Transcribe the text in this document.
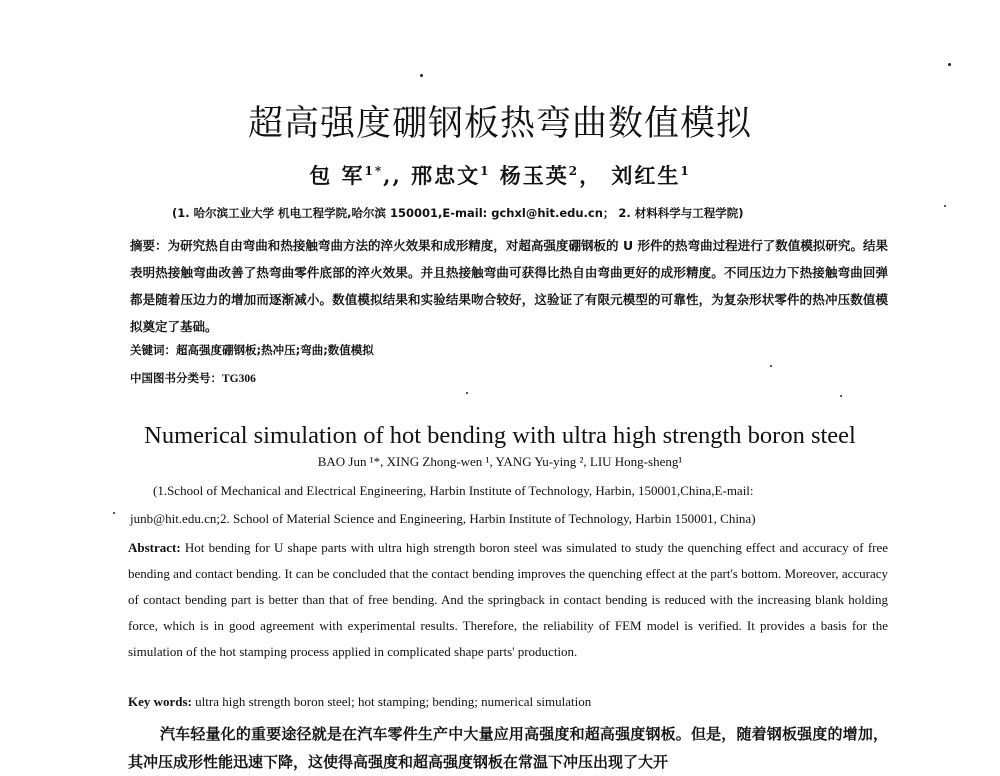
超高强度硼钢板热弯曲数值模拟
包 军$^{1*}$,, 邢忠文$^1$ 杨玉英$^2$， 刘红生$^1$
(1. 哈尔滨工业大学 机电工程学院,哈尔滨 150001,E-mail: gchxl@hit.edu.cn； 2. 材料科学与工程学院)
摘要：为研究热自由弯曲和热接触弯曲方法的淬火效果和成形精度，对超高强度硼钢板的 U 形件的热弯曲过程进行了数值模拟研究。结果表明热接触弯曲改善了热弯曲零件底部的淬火效果。并且热接触弯曲可获得比热自由弯曲更好的成形精度。不同压边力下热接触弯曲回弹都是随着压边力的增加而逐渐减小。数值模拟结果和实验结果吻合较好，这验证了有限元模型的可靠性，为复杂形状零件的热冲压数值模拟奠定了基础。
关键词：超高强度硼钢板;热冲压;弯曲;数值模拟
中国图书分类号：TG306
Numerical simulation of hot bending with ultra high strength boron steel
BAO Jun ¹*, XING Zhong-wen ¹, YANG Yu-ying ², LIU Hong-sheng¹
(1.School of Mechanical and Electrical Engineering, Harbin Institute of Technology, Harbin, 150001,China,E-mail:
junb@hit.edu.cn;2. School of Material Science and Engineering, Harbin Institute of Technology, Harbin 150001, China)
Abstract: Hot bending for U shape parts with ultra high strength boron steel was simulated to study the quenching effect and accuracy of free bending and contact bending. It can be concluded that the contact bending improves the quenching effect at the part's bottom. Moreover, accuracy of contact bending part is better than that of free bending. And the springback in contact bending is reduced with the increasing blank holding force, which is in good agreement with experimental results. Therefore, the reliability of FEM model is verified. It provides a basis for the simulation of the hot stamping process applied in complicated shape parts' production.
Key words: ultra high strength boron steel; hot stamping; bending; numerical simulation
汽车轻量化的重要途径就是在汽车零件生产中大量应用高强度和超高强度钢板。但是，随着钢板强度的增加，其冲压成形性能迅速下降，这使得高强度和超高强度钢板在常温下冲压出现了大开
